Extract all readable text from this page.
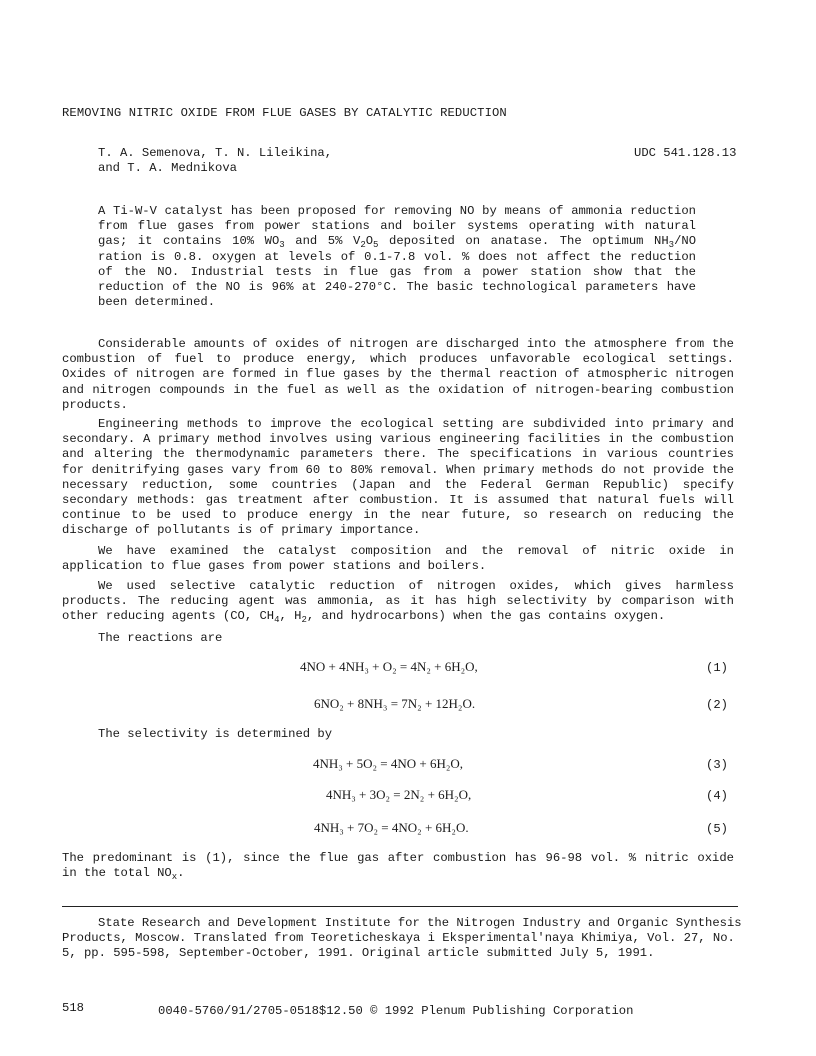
REMOVING NITRIC OXIDE FROM FLUE GASES BY CATALYTIC REDUCTION
T. A. Semenova, T. N. Lileikina,
and T. A. Mednikova
UDC 541.128.13
A Ti-W-V catalyst has been proposed for removing NO by means of ammonia reduction from flue gases from power stations and boiler systems operating with natural gas; it contains 10% $WO_3$ and 5% $V_2O_5$ deposited on anatase. The optimum $NH_3/NO$ ration is 0.8. oxygen at levels of 0.1-7.8 vol. % does not affect the reduction of the NO. Industrial tests in flue gas from a power station show that the reduction of the NO is 96% at 240-270°C. The basic technological parameters have been determined.

Considerable amounts of oxides of nitrogen are discharged into the atmosphere from the combustion of fuel to produce energy, which produces unfavorable ecological settings. Oxides of nitrogen are formed in flue gases by the thermal reaction of atmospheric nitrogen and nitrogen compounds in the fuel as well as the oxidation of nitrogen-bearing combustion products.

Engineering methods to improve the ecological setting are subdivided into primary and secondary. A primary method involves using various engineering facilities in the combustion and altering the thermodynamic parameters there. The specifications in various countries for denitrifying gases vary from 60 to 80% removal. When primary methods do not provide the necessary reduction, some countries (Japan and the Federal German Republic) specify secondary methods: gas treatment after combustion. It is assumed that natural fuels will continue to be used to produce energy in the near future, so research on reducing the discharge of pollutants is of primary importance.

We have examined the catalyst composition and the removal of nitric oxide in application to flue gases from power stations and boilers.

We used selective catalytic reduction of nitrogen oxides, which gives harmless products. The reducing agent was ammonia, as it has high selectivity by comparison with other reducing agents (CO, $CH_4$, $H_2$, and hydrocarbons) when the gas contains oxygen.

The reactions are
4NO + 4NH₃ + O₂ = 4N₂ + 6H₂O,	(1)
6NO₂ + 8NH₃ = 7N₂ + 12H₂O.	(2)
The selectivity is determined by
4NH₃ + 5O₂ = 4NO + 6H₂O,	(3)
4NH₃ + 3O₂ = 2N₂ + 6H₂O,	(4)
4NH₃ + 7O₂ = 4NO₂ + 6H₂O.	(5)

The predominant is (1), since the flue gas after combustion has 96-98 vol. % nitric oxide in the total $NO_x$.

State Research and Development Institute for the Nitrogen Industry and Organic Synthesis Products, Moscow. Translated from Teoreticheskaya i Eksperimental'naya Khimiya, Vol. 27, No. 5, pp. 595-598, September-October, 1991. Original article submitted July 5, 1991.

518	0040-5760/91/2705-0518$12.50 © 1992 Plenum Publishing Corporation
